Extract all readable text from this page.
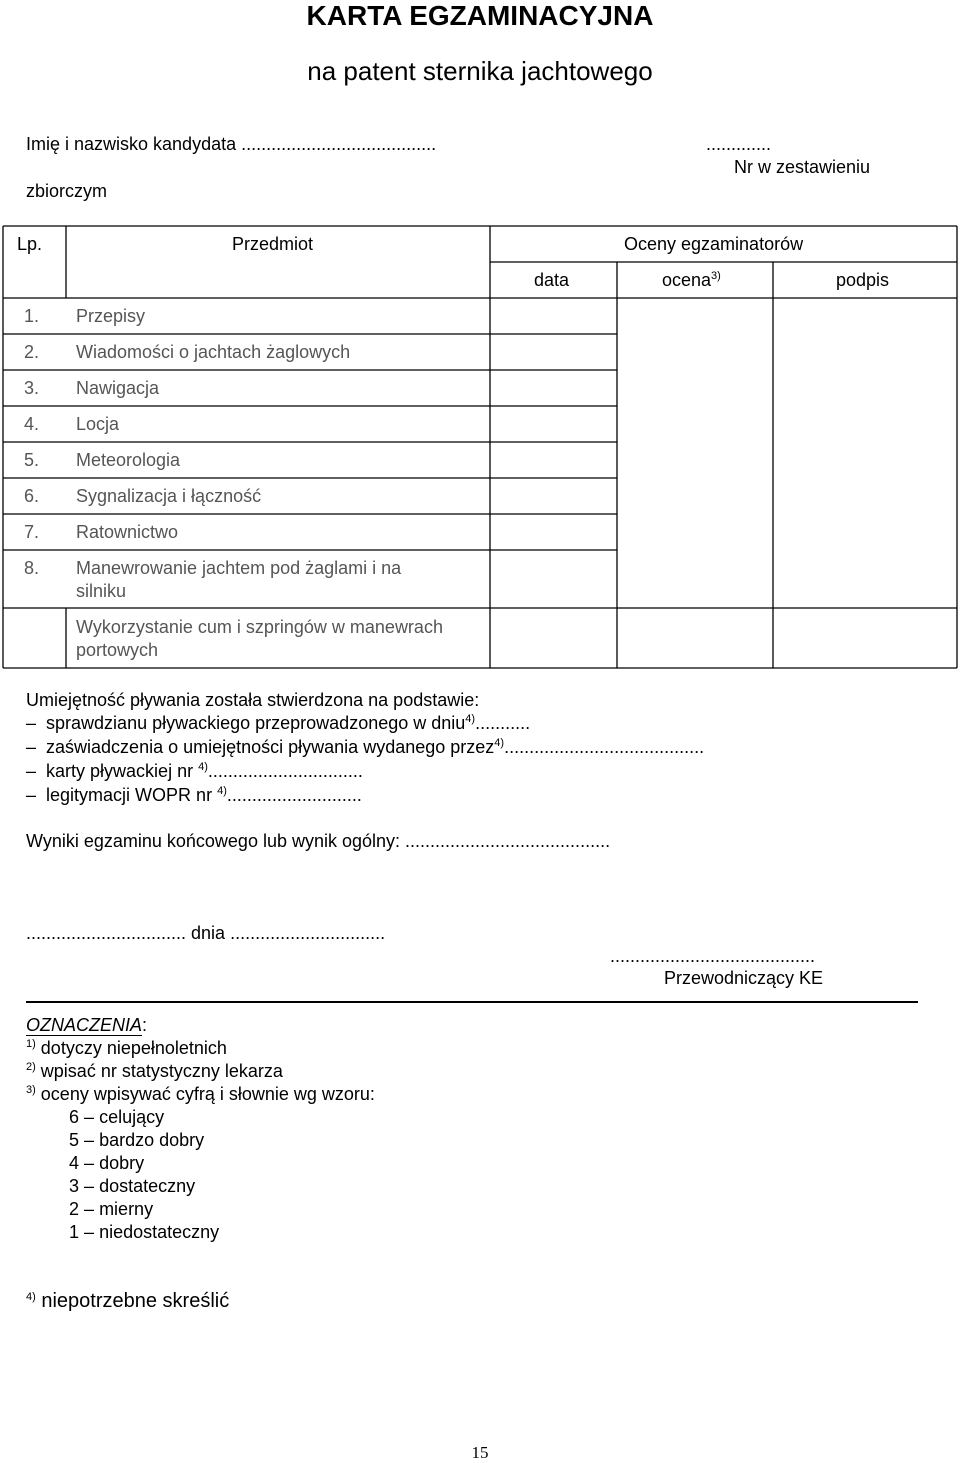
KARTA EGZAMINACYJNA
na patent sternika jachtowego
Imię i nazwisko kandydata .......................................	.............
Nr w zestawieniu
zbiorczym
Lp.	Przedmiot	Oceny egzaminatorów
data	ocena$^{3)}$	podpis
1. Przepisy
2. Wiadomości o jachtach żaglowych
3. Nawigacja
4. Locja
5. Meteorologia
6. Sygnalizacja i łączność
7. Ratownictwo
8. Manewrowanie jachtem pod żaglami i na
silniku
Wykorzystanie cum i szpringów w manewrach
portowych
Umiejętność pływania została stwierdzona na podstawie:
– sprawdzianu pływackiego przeprowadzonego w dniu$^{4)}$...........
– zaświadczenia o umiejętności pływania wydanego przez$^{4)}$........................................
– karty pływackiej nr $^{4)}$...............................
– legitymacji WOPR nr $^{4)}$...........................
Wyniki egzaminu końcowego lub wynik ogólny: .........................................
................................ dnia ...............................
.........................................
Przewodniczący KE
OZNACZENIA:
$^{1)}$ dotyczy niepełnoletnich
$^{2)}$ wpisać nr statystyczny lekarza
$^{3)}$ oceny wpisywać cyfrą i słownie wg wzoru:
6 – celujący
5 – bardzo dobry
4 – dobry
3 – dostateczny
2 – mierny
1 – niedostateczny
$^{4)}$ niepotrzebne skreślić
15
